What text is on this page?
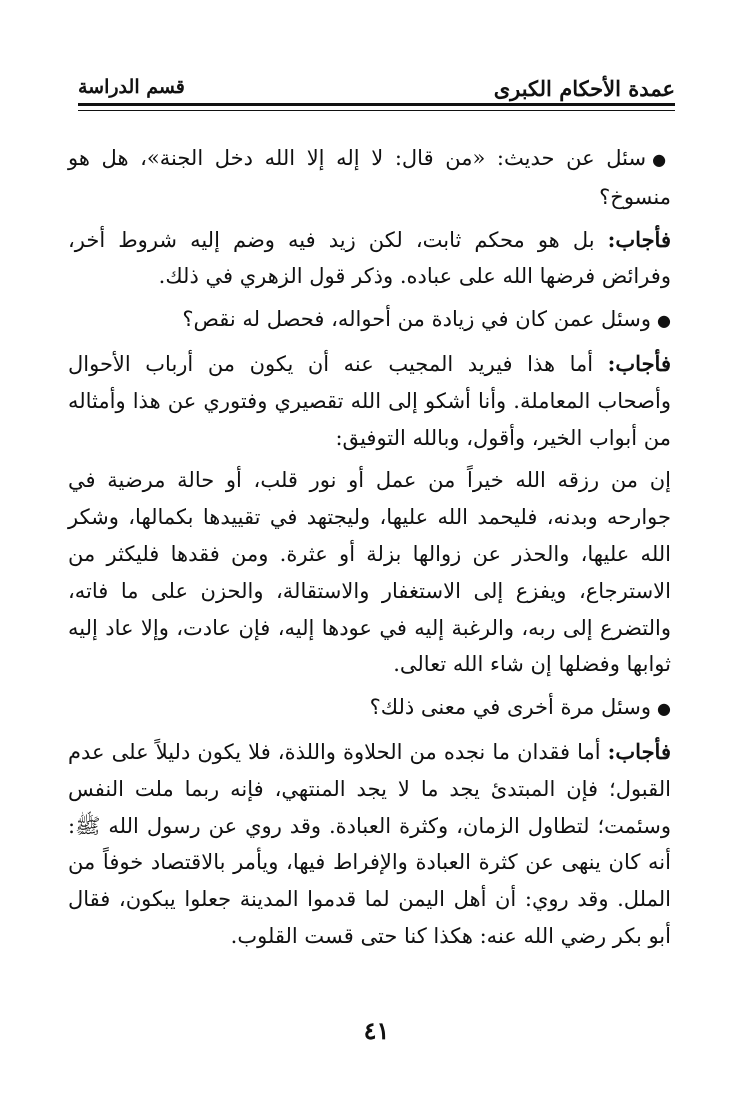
عمدة الأحكام الكبرى
قسم الدراسة

●سئل عن حديث: «من قال: لا إله إلا الله دخل الجنة»، هل هو منسوخ؟

فأجاب: بل هو محكم ثابت، لكن زيد فيه وضم إليه شروط أخر، وفرائض فرضها الله على عباده. وذكر قول الزهري في ذلك.

●وسئل عمن كان في زيادة من أحواله، فحصل له نقص؟

فأجاب: أما هذا فيريد المجيب عنه أن يكون من أرباب الأحوال وأصحاب المعاملة. وأنا أشكو إلى الله تقصيري وفتوري عن هذا وأمثاله من أبواب الخير، وأقول، وبالله التوفيق:

إن من رزقه الله خيراً من عمل أو نور قلب، أو حالة مرضية في جوارحه وبدنه، فليحمد الله عليها، وليجتهد في تقييدها بكمالها، وشكر الله عليها، والحذر عن زوالها بزلة أو عثرة. ومن فقدها فليكثر من الاسترجاع، ويفزع إلى الاستغفار والاستقالة، والحزن على ما فاته، والتضرع إلى ربه، والرغبة إليه في عودها إليه، فإن عادت، وإلا عاد إليه ثوابها وفضلها إن شاء الله تعالى.

●وسئل مرة أخرى في معنى ذلك؟

فأجاب: أما فقدان ما نجده من الحلاوة واللذة، فلا يكون دليلاً على عدم القبول؛ فإن المبتدئ يجد ما لا يجد المنتهي، فإنه ربما ملت النفس وسئمت؛ لتطاول الزمان، وكثرة العبادة. وقد روي عن رسول الله ﷺ: أنه كان ينهى عن كثرة العبادة والإفراط فيها، ويأمر بالاقتصاد خوفاً من الملل. وقد روي: أن أهل اليمن لما قدموا المدينة جعلوا يبكون، فقال أبو بكر رضي الله عنه: هكذا كنا حتى قست القلوب.

٤١
